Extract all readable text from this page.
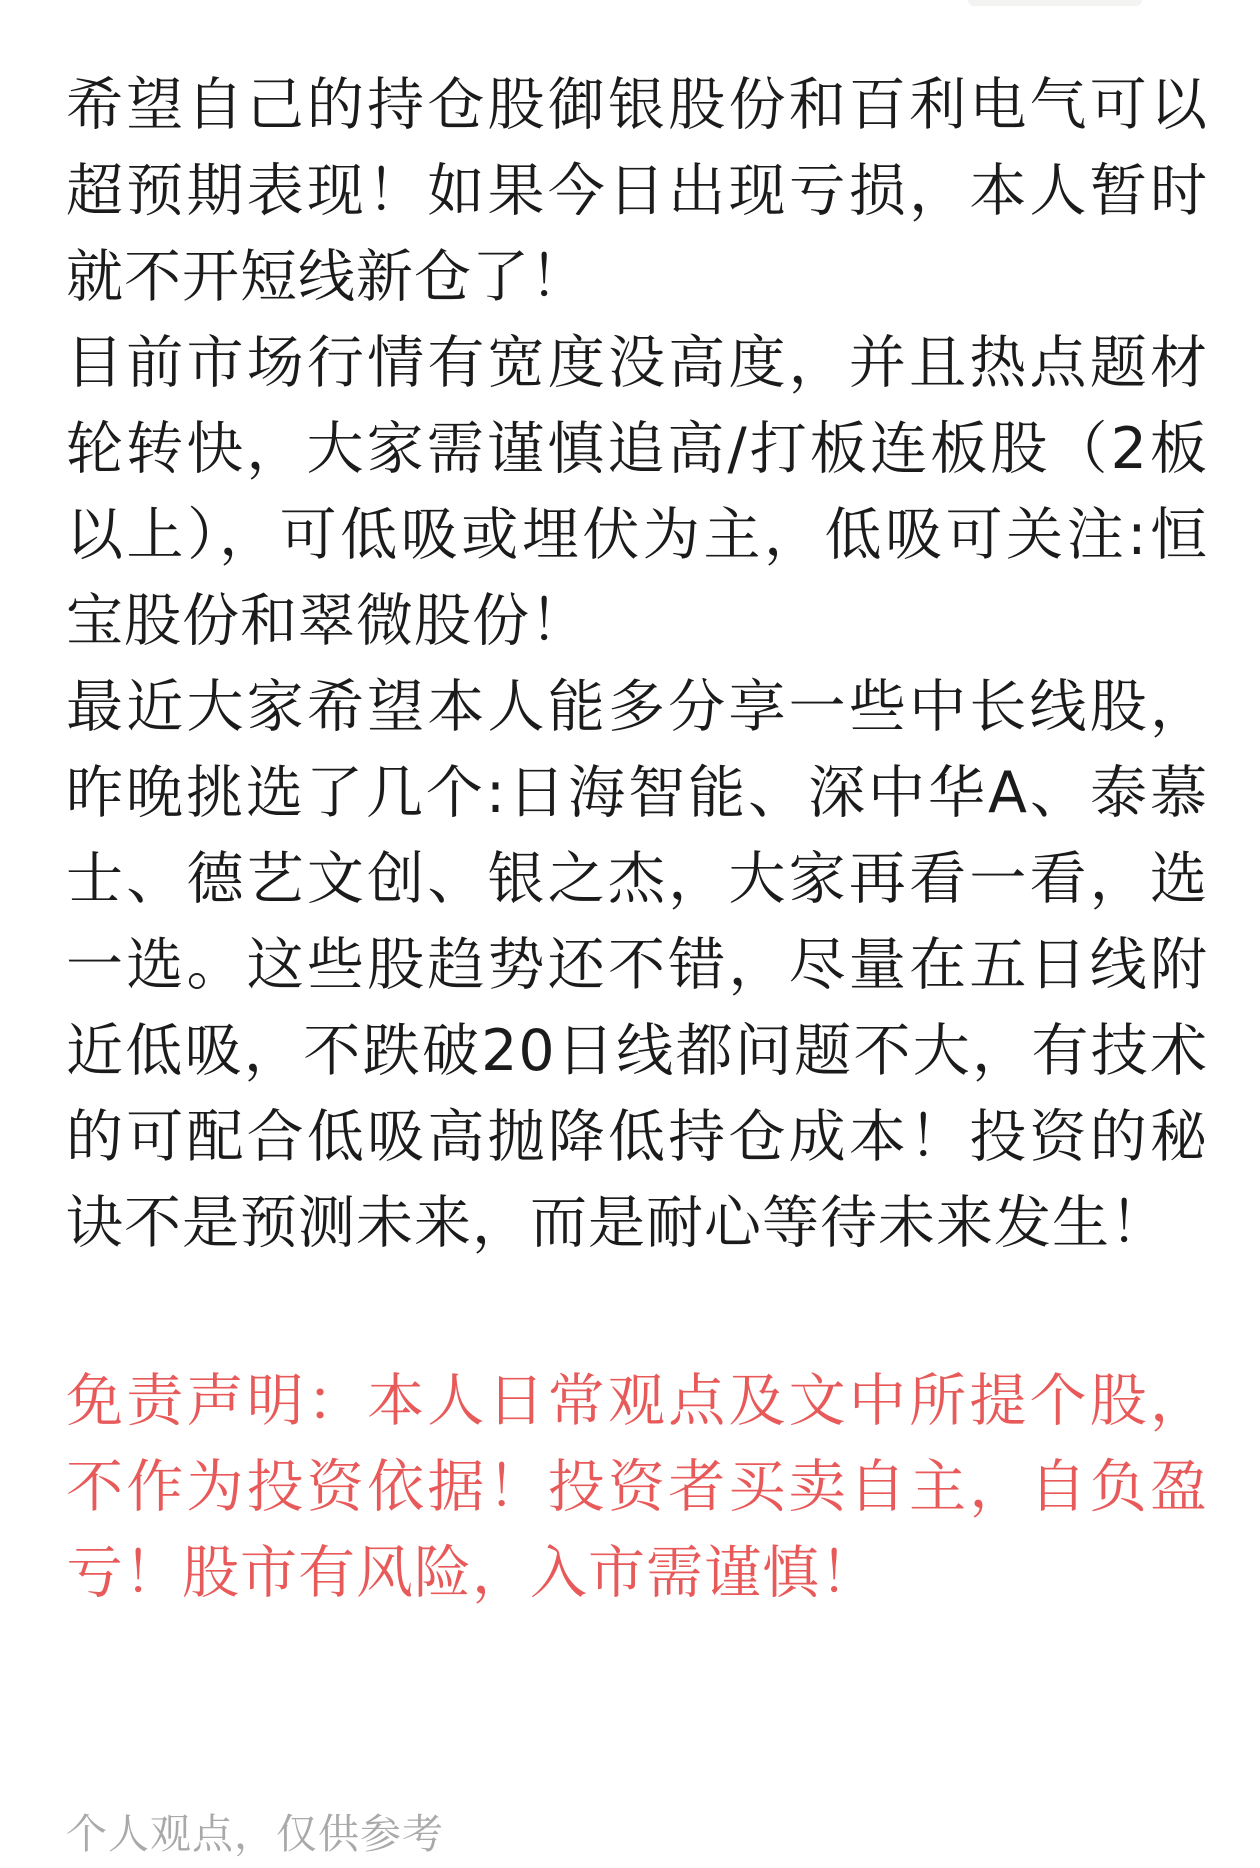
希望自己的持仓股御银股份和百利电气可以超预期表现！如果今日出现亏损，本人暂时就不开短线新仓了！

目前市场行情有宽度没高度，并且热点题材轮转快，大家需谨慎追高/打板连板股（2板以上），可低吸或埋伏为主，低吸可关注:恒宝股份和翠微股份！

最近大家希望本人能多分享一些中长线股，昨晚挑选了几个:日海智能、深中华A、泰慕士、德艺文创、银之杰，大家再看一看，选一选。这些股趋势还不错，尽量在五日线附近低吸，不跌破20日线都问题不大，有技术的可配合低吸高抛降低持仓成本！投资的秘诀不是预测未来，而是耐心等待未来发生！

免责声明：本人日常观点及文中所提个股，不作为投资依据！投资者买卖自主，自负盈亏！股市有风险，入市需谨慎！

个人观点，仅供参考
